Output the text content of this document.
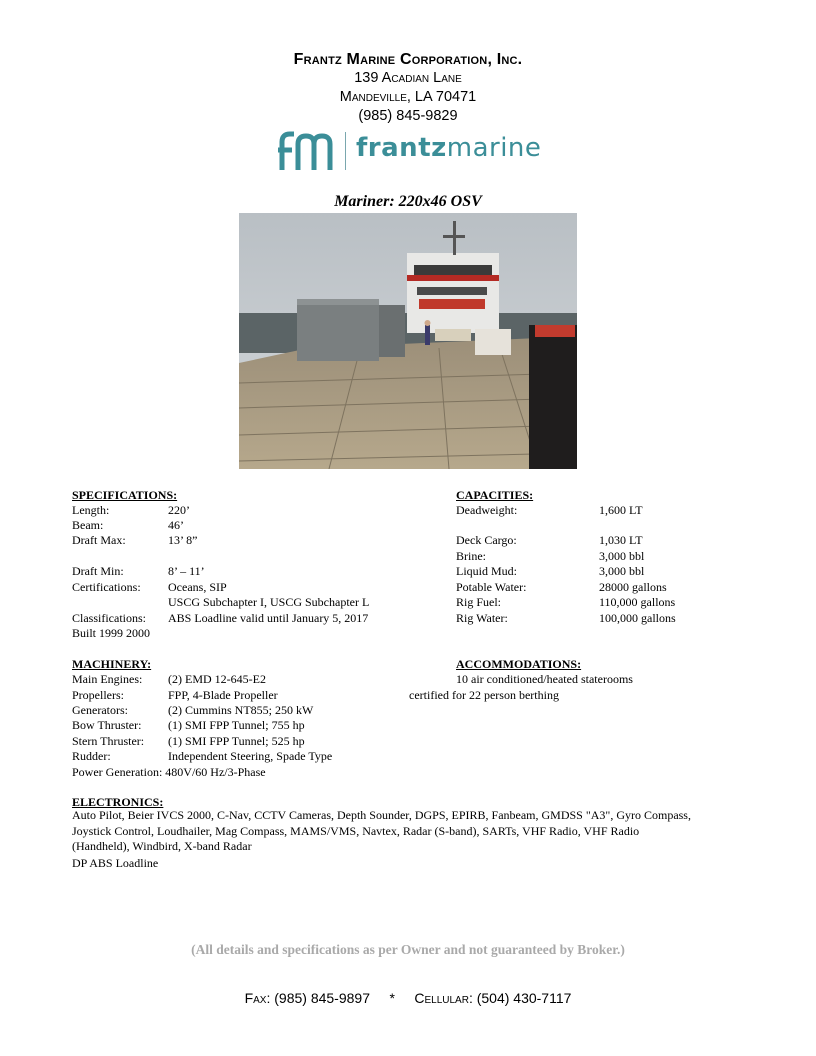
Frantz Marine Corporation, Inc.
139 Acadian Lane
Mandeville, LA 70471
(985) 845-9829
frantzmarine
Mariner: 220x46 OSV
SPECIFICATIONS:
Length:	220’
Beam:	46’
Draft Max:	13’ 8”
Draft Min:	8’ – 11’
Certifications: Oceans, SIP
USCG Subchapter I, USCG Subchapter L
Classifications: ABS Loadline valid until January 5, 2017
Built 1999 2000
CAPACITIES:
Deadweight:	1,600 LT
Deck Cargo:	1,030 LT
Brine:	3,000 bbl
Liquid Mud:	3,000 bbl
Potable Water:	28000 gallons
Rig Fuel:	110,000 gallons
Rig Water:	100,000 gallons
MACHINERY:
Main Engines: (2) EMD 12-645-E2
Propellers:	FPP, 4-Blade Propeller
Generators:	(2) Cummins NT855; 250 kW
Bow Thruster: (1) SMI FPP Tunnel; 755 hp
Stern Thruster: (1) SMI FPP Tunnel; 525 hp
Rudder:	Independent Steering, Spade Type
Power Generation: 480V/60 Hz/3-Phase
ACCOMMODATIONS:
10 air conditioned/heated staterooms
certified for 22 person berthing
ELECTRONICS:
Auto Pilot, Beier IVCS 2000, C-Nav, CCTV Cameras, Depth Sounder, DGPS, EPIRB, Fanbeam, GMDSS "A3", Gyro Compass, Joystick Control, Loudhailer, Mag Compass, MAMS/VMS, Navtex, Radar (S-band), SARTs, VHF Radio, VHF Radio (Handheld), Windbird, X-band Radar
DP ABS Loadline
(All details and specifications as per Owner and not guaranteed by Broker.)
Fax: (985) 845-9897 * Cellular: (504) 430-7117
